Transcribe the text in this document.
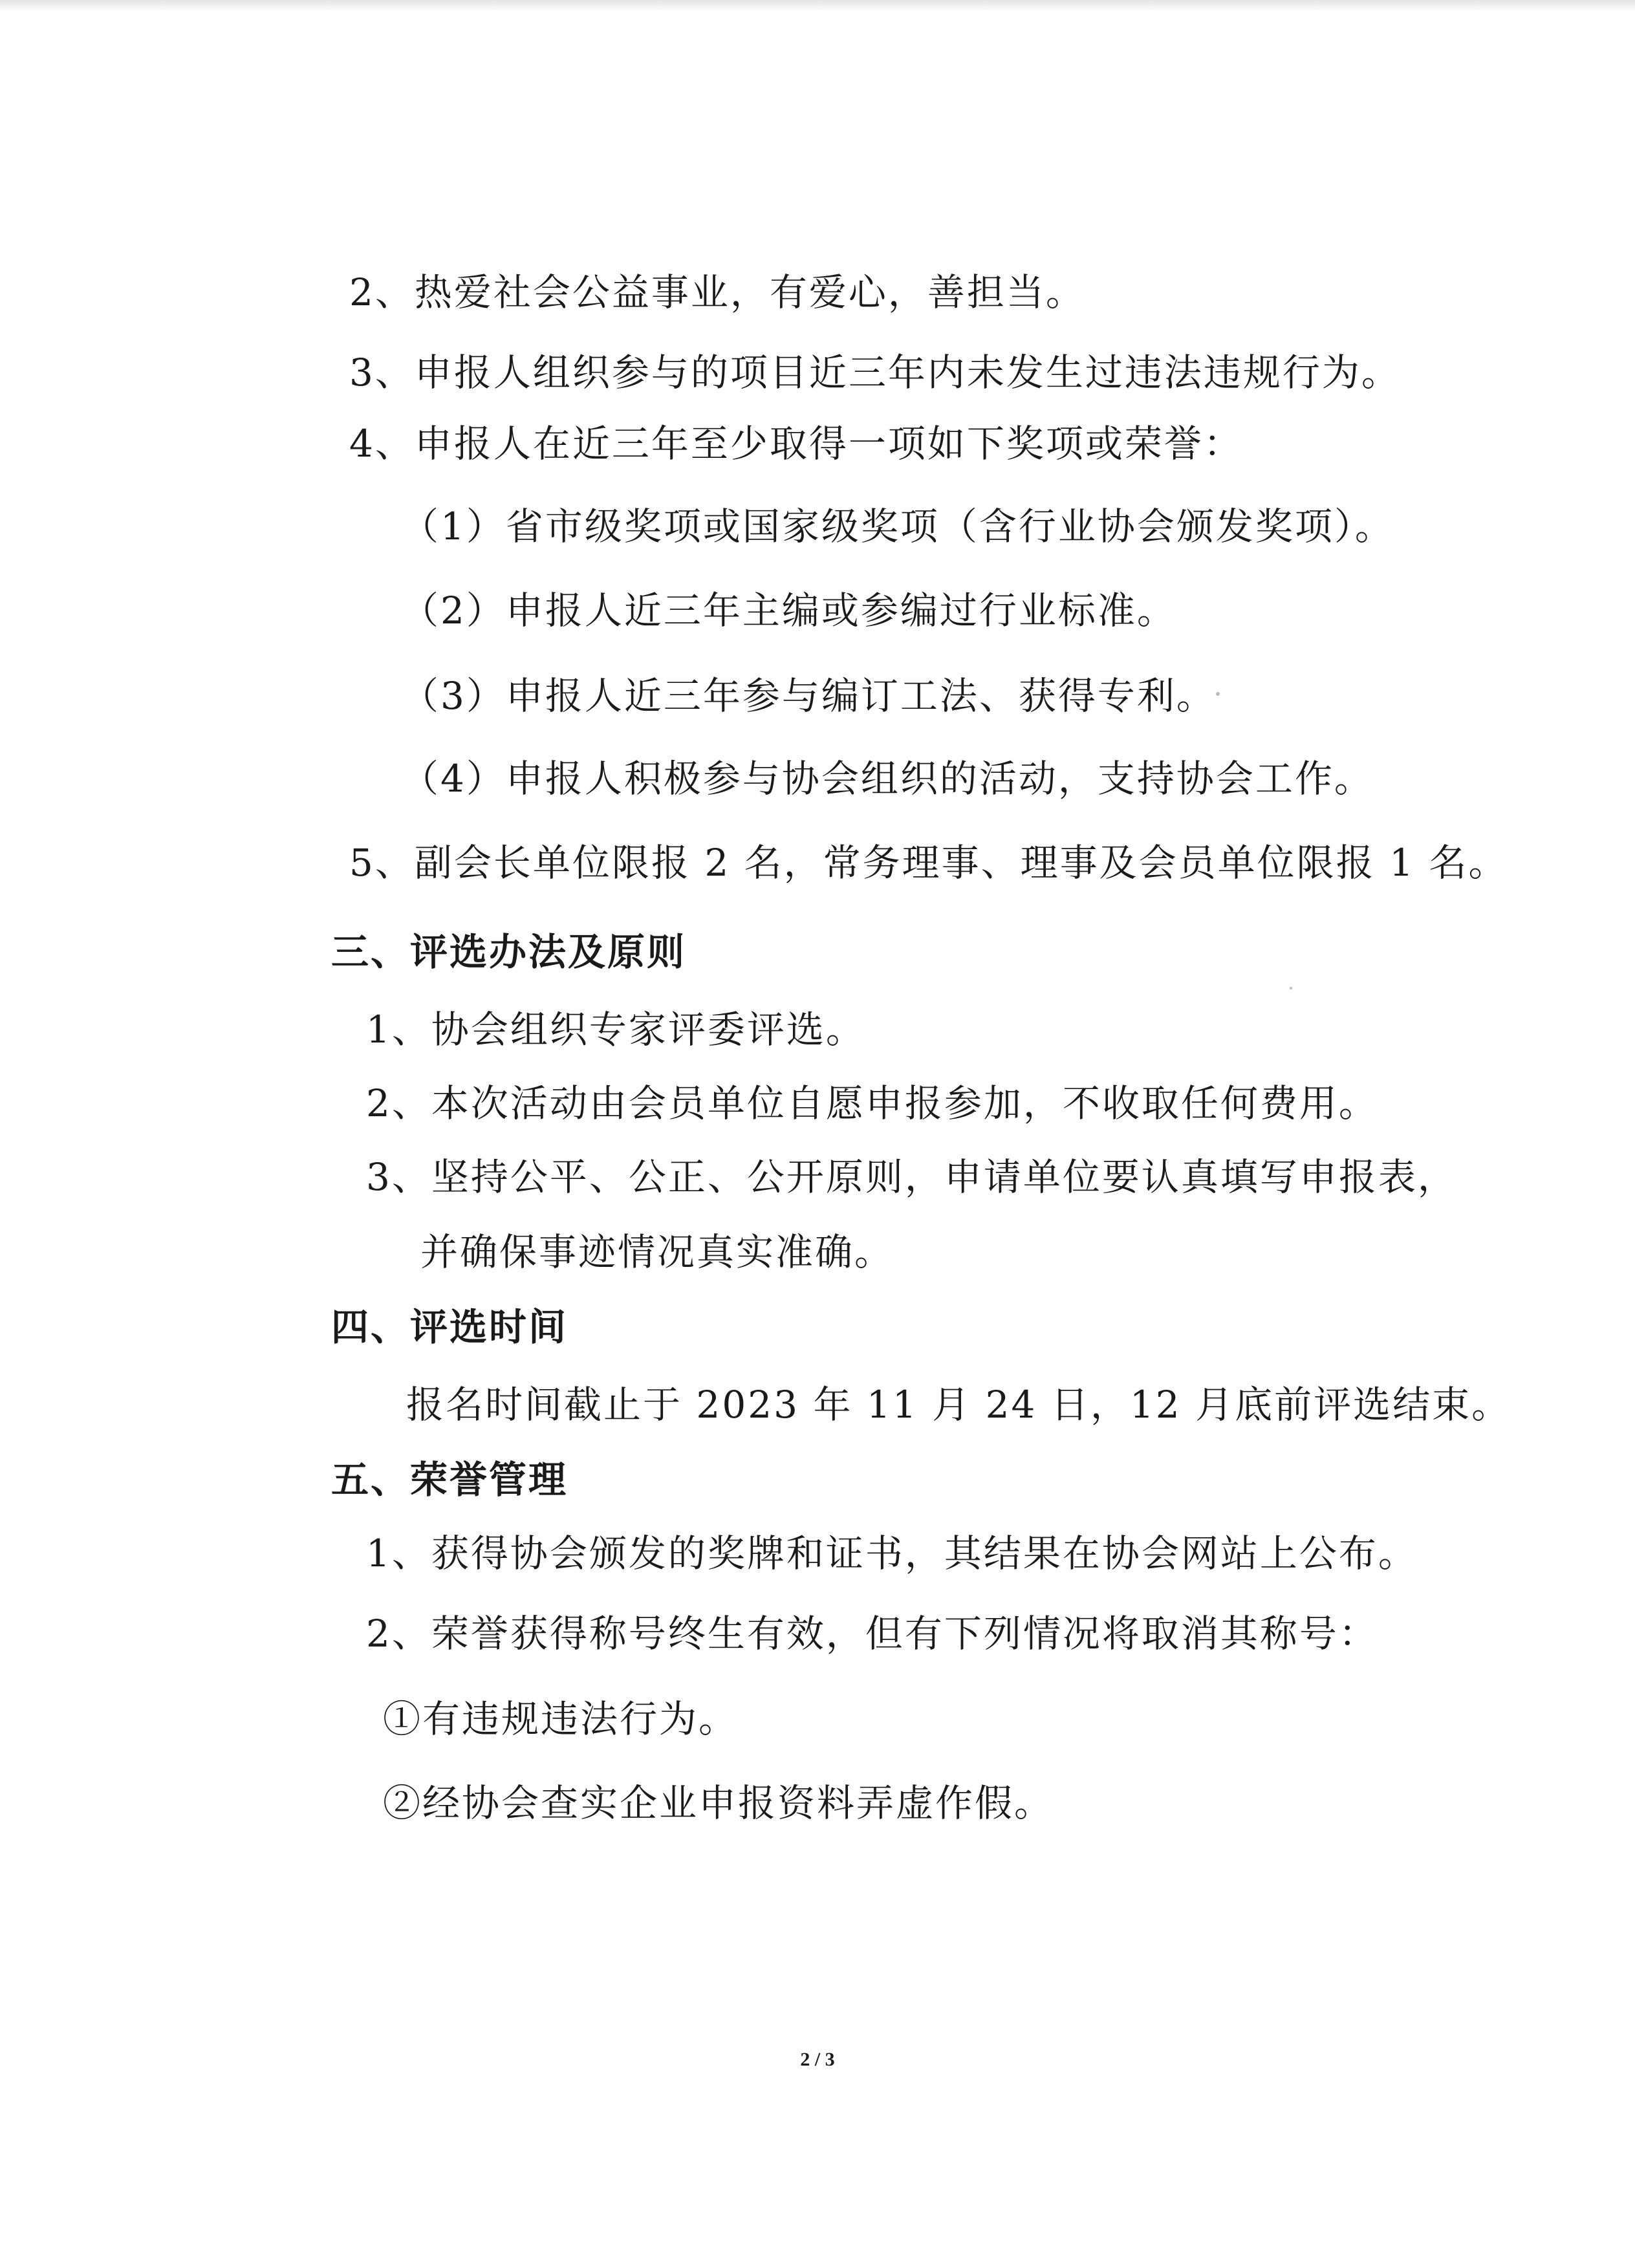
2、热爱社会公益事业，有爱心，善担当。
3、申报人组织参与的项目近三年内未发生过违法违规行为。
4、申报人在近三年至少取得一项如下奖项或荣誉：
（1）省市级奖项或国家级奖项（含行业协会颁发奖项）。
（2）申报人近三年主编或参编过行业标准。
（3）申报人近三年参与编订工法、获得专利。
（4）申报人积极参与协会组织的活动，支持协会工作。
5、副会长单位限报 2 名，常务理事、理事及会员单位限报 1 名。
三、评选办法及原则
1、协会组织专家评委评选。
2、本次活动由会员单位自愿申报参加，不收取任何费用。
3、坚持公平、公正、公开原则，申请单位要认真填写申报表，
并确保事迹情况真实准确。
四、评选时间
报名时间截止于 2023 年 11 月 24 日，12 月底前评选结束。
五、荣誉管理
1、获得协会颁发的奖牌和证书，其结果在协会网站上公布。
2、荣誉获得称号终生有效，但有下列情况将取消其称号：
①有违规违法行为。
②经协会查实企业申报资料弄虚作假。
2 / 3
